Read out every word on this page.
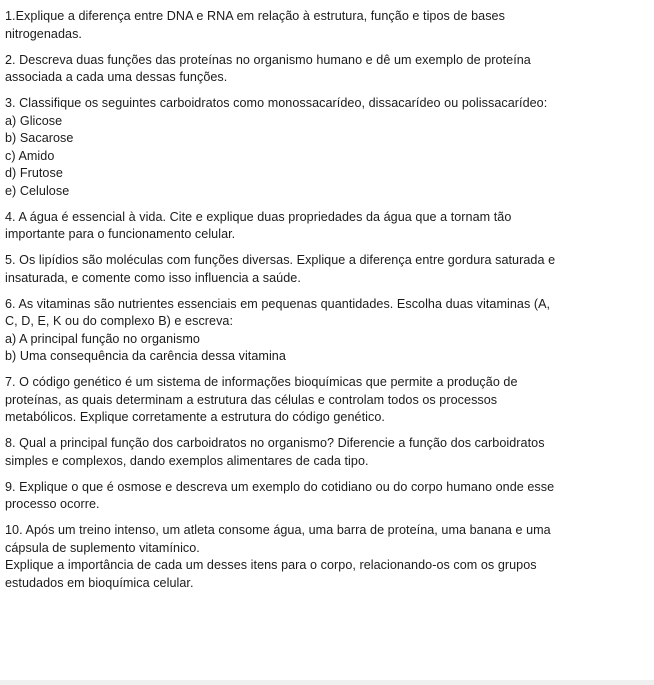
1.Explique a diferença entre DNA e RNA em relação à estrutura, função e tipos de bases
nitrogenadas.
2. Descreva duas funções das proteínas no organismo humano e dê um exemplo de proteína
associada a cada uma dessas funções.
3. Classifique os seguintes carboidratos como monossacarídeo, dissacarídeo ou polissacarídeo:
a) Glicose
b) Sacarose
c) Amido
d) Frutose
e) Celulose
4. A água é essencial à vida. Cite e explique duas propriedades da água que a tornam tão
importante para o funcionamento celular.
5. Os lipídios são moléculas com funções diversas. Explique a diferença entre gordura saturada e
insaturada, e comente como isso influencia a saúde.
6. As vitaminas são nutrientes essenciais em pequenas quantidades. Escolha duas vitaminas (A,
C, D, E, K ou do complexo B) e escreva:
a) A principal função no organismo
b) Uma consequência da carência dessa vitamina
7. O código genético é um sistema de informações bioquímicas que permite a produção de
proteínas, as quais determinam a estrutura das células e controlam todos os processos
metabólicos. Explique corretamente a estrutura do código genético.
8. Qual a principal função dos carboidratos no organismo? Diferencie a função dos carboidratos
simples e complexos, dando exemplos alimentares de cada tipo.
9. Explique o que é osmose e descreva um exemplo do cotidiano ou do corpo humano onde esse
processo ocorre.
10. Após um treino intenso, um atleta consome água, uma barra de proteína, uma banana e uma
cápsula de suplemento vitamínico.
Explique a importância de cada um desses itens para o corpo, relacionando-os com os grupos
estudados em bioquímica celular.
